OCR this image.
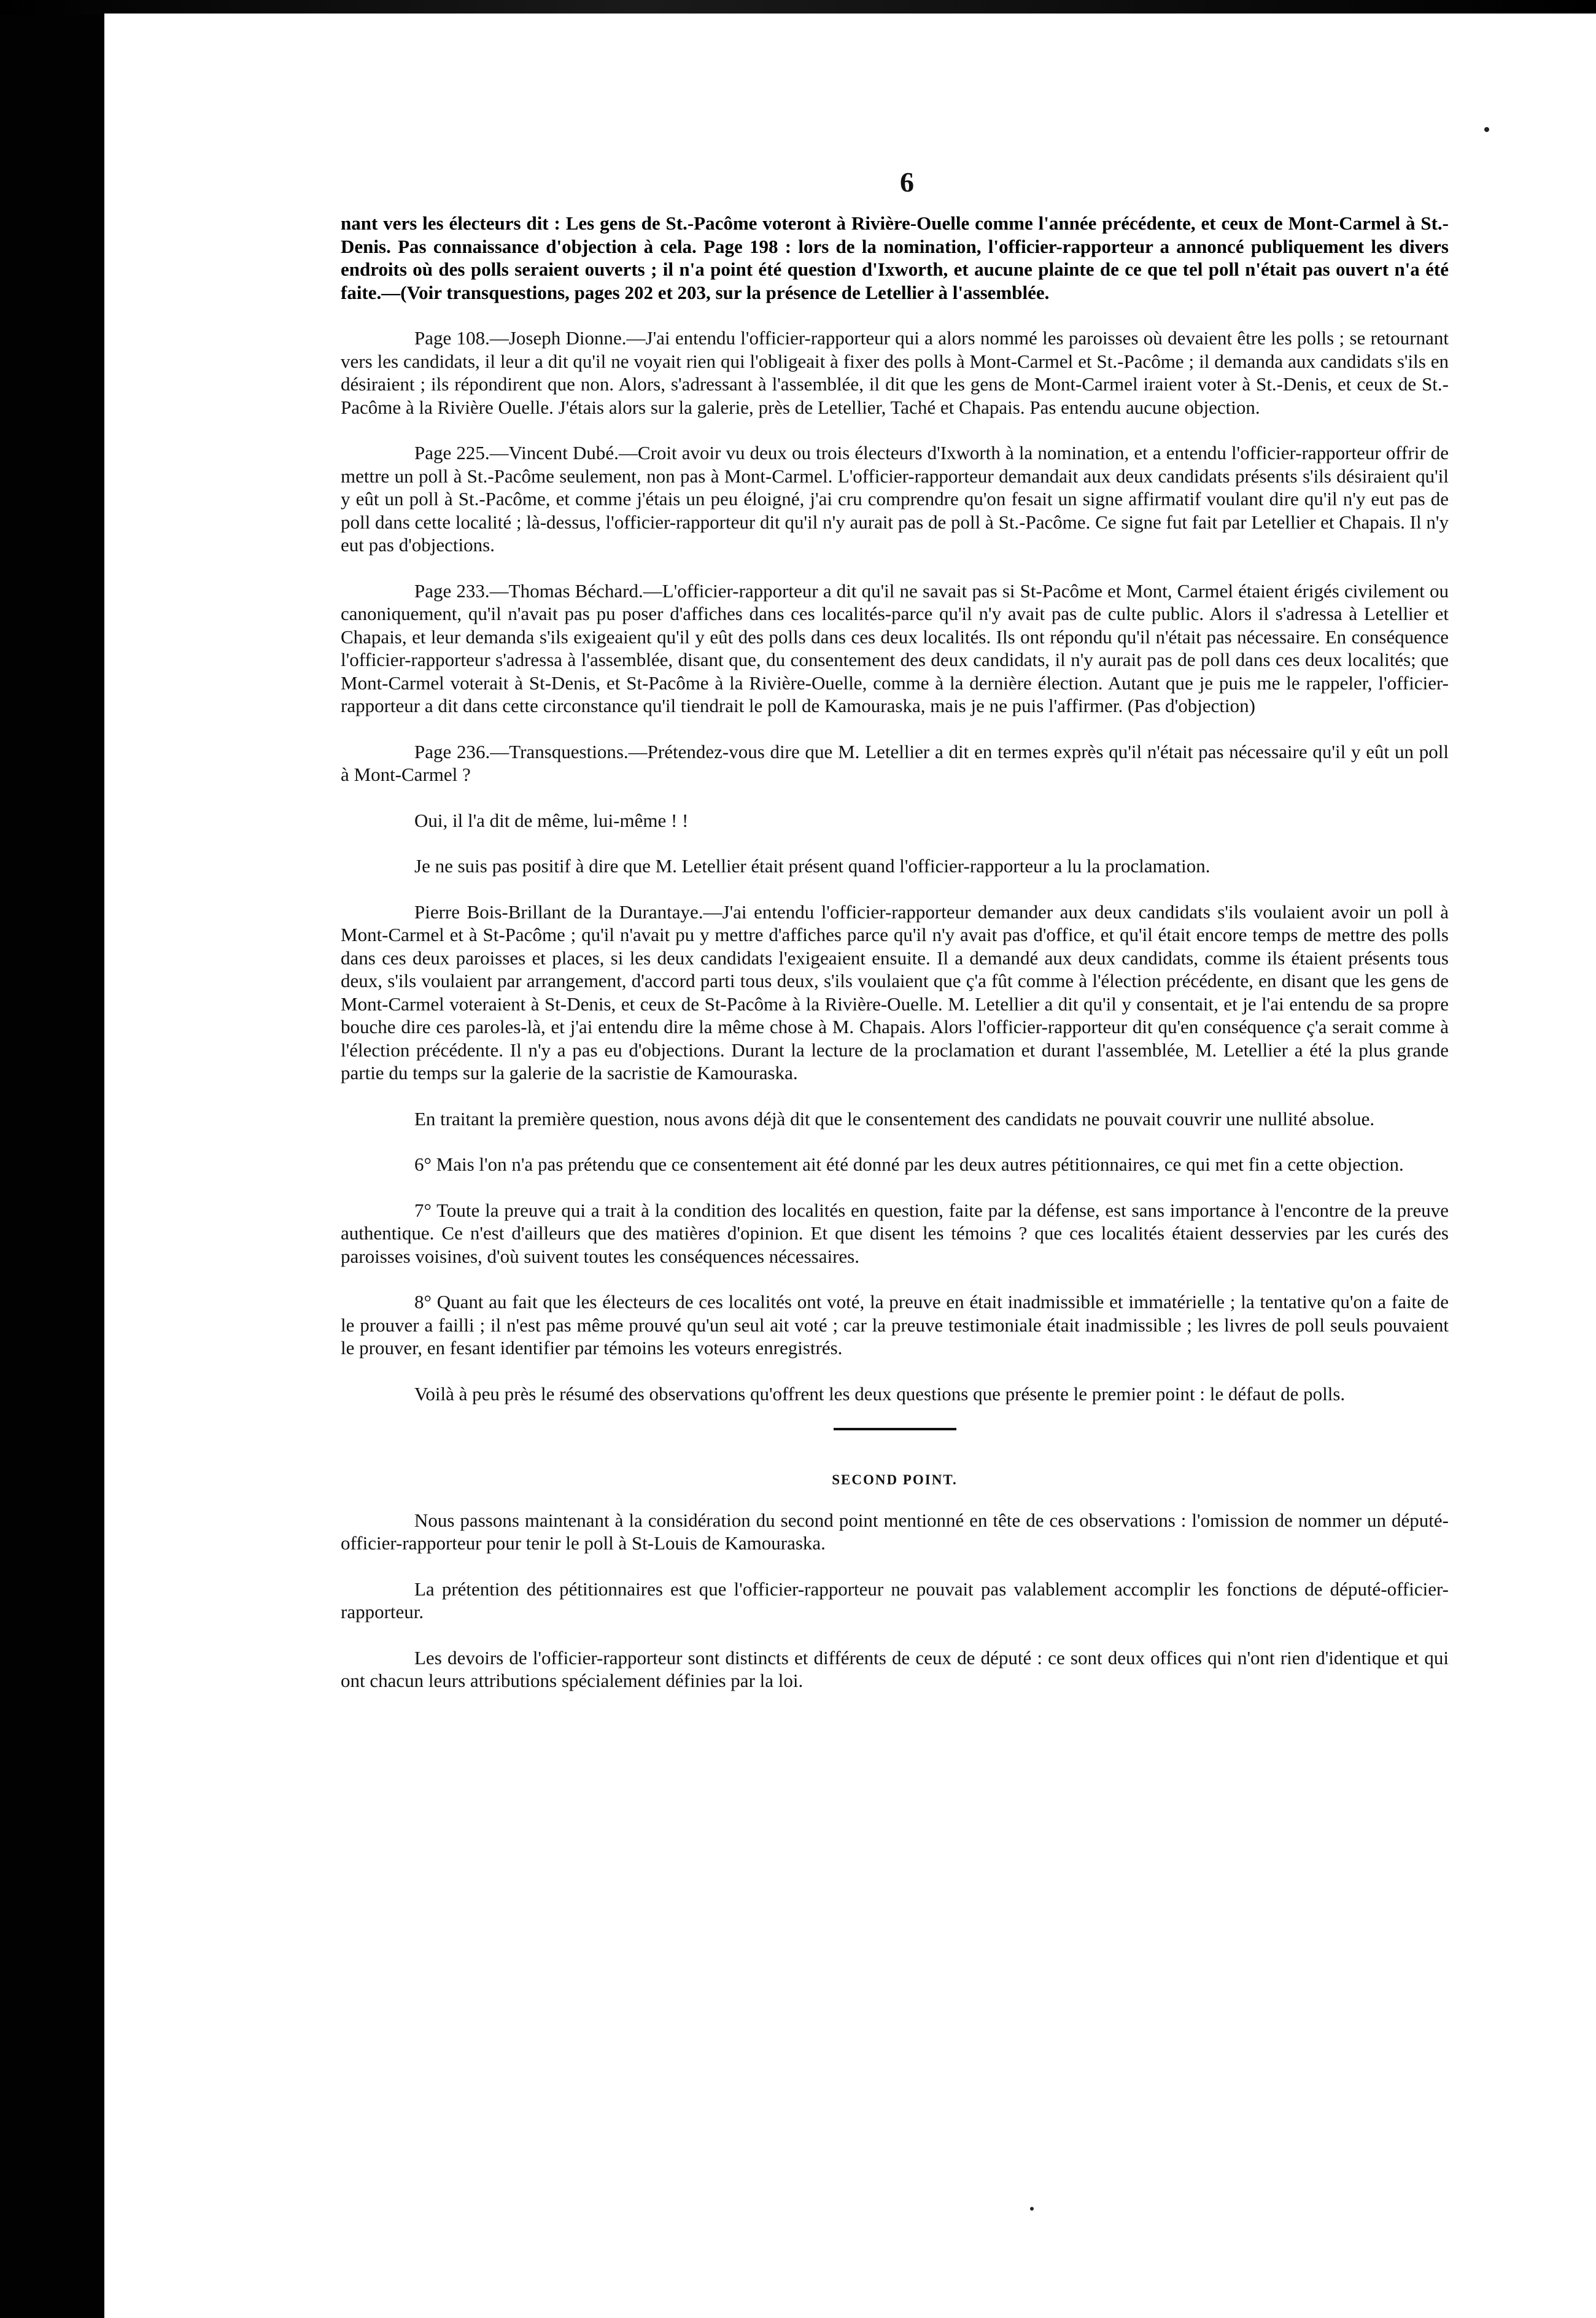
6

nant vers les électeurs dit : Les gens de St.-Pacôme voteront à Rivière-Ouelle comme l'année précédente, et ceux de Mont-Carmel à St.-Denis. Pas connaissance d'objection à cela. Page 198 : lors de la nomination, l'officier-rapporteur a annoncé publiquement les divers endroits où des polls seraient ouverts ; il n'a point été question d'Ixworth, et aucune plainte de ce que tel poll n'était pas ouvert n'a été faite.—(Voir transquestions, pages 202 et 203, sur la présence de Letellier à l'assemblée.

Page 108.—Joseph Dionne.—J'ai entendu l'officier-rapporteur qui a alors nommé les paroisses où devaient être les polls ; se retournant vers les candidats, il leur a dit qu'il ne voyait rien qui l'obligeait à fixer des polls à Mont-Carmel et St.-Pacôme ; il demanda aux candidats s'ils en désiraient ; ils répondirent que non. Alors, s'adressant à l'assemblée, il dit que les gens de Mont-Carmel iraient voter à St.-Denis, et ceux de St.-Pacôme à la Rivière Ouelle. J'étais alors sur la galerie, près de Letellier, Taché et Chapais. Pas entendu aucune objection.

Page 225.—Vincent Dubé.—Croit avoir vu deux ou trois électeurs d'Ixworth à la nomination, et a entendu l'officier-rapporteur offrir de mettre un poll à St.-Pacôme seulement, non pas à Mont-Carmel. L'officier-rapporteur demandait aux deux candidats présents s'ils désiraient qu'il y eût un poll à St.-Pacôme, et comme j'étais un peu éloigné, j'ai cru comprendre qu'on fesait un signe affirmatif voulant dire qu'il n'y eut pas de poll dans cette localité ; là-dessus, l'officier-rapporteur dit qu'il n'y aurait pas de poll à St.-Pacôme. Ce signe fut fait par Letellier et Chapais. Il n'y eut pas d'objections.

Page 233.—Thomas Béchard.—L'officier-rapporteur a dit qu'il ne savait pas si St-Pacôme et Mont, Carmel étaient érigés civilement ou canoniquement, qu'il n'avait pas pu poser d'affiches dans ces localités-parce qu'il n'y avait pas de culte public. Alors il s'adressa à Letellier et Chapais, et leur demanda s'ils exigeaient qu'il y eût des polls dans ces deux localités. Ils ont répondu qu'il n'était pas nécessaire. En conséquence l'officier-rapporteur s'adressa à l'assemblée, disant que, du consentement des deux candidats, il n'y aurait pas de poll dans ces deux localités; que Mont-Carmel voterait à St-Denis, et St-Pacôme à la Rivière-Ouelle, comme à la dernière élection. Autant que je puis me le rappeler, l'officier-rapporteur a dit dans cette circonstance qu'il tiendrait le poll de Kamouraska, mais je ne puis l'affirmer. (Pas d'objection)

Page 236.—Transquestions.—Prétendez-vous dire que M. Letellier a dit en termes exprès qu'il n'était pas nécessaire qu'il y eût un poll à Mont-Carmel ?

Oui, il l'a dit de même, lui-même ! !

Je ne suis pas positif à dire que M. Letellier était présent quand l'officier-rapporteur a lu la proclamation.

Pierre Bois-Brillant de la Durantaye.—J'ai entendu l'officier-rapporteur demander aux deux candidats s'ils voulaient avoir un poll à Mont-Carmel et à St-Pacôme ; qu'il n'avait pu y mettre d'affiches parce qu'il n'y avait pas d'office, et qu'il était encore temps de mettre des polls dans ces deux paroisses et places, si les deux candidats l'exigeaient ensuite. Il a demandé aux deux candidats, comme ils étaient présents tous deux, s'ils voulaient par arrangement, d'accord parti tous deux, s'ils voulaient que ç'a fût comme à l'élection précédente, en disant que les gens de Mont-Carmel voteraient à St-Denis, et ceux de St-Pacôme à la Rivière-Ouelle. M. Letellier a dit qu'il y consentait, et je l'ai entendu de sa propre bouche dire ces paroles-là, et j'ai entendu dire la même chose à M. Chapais. Alors l'officier-rapporteur dit qu'en conséquence ç'a serait comme à l'élection précédente. Il n'y a pas eu d'objections. Durant la lecture de la proclamation et durant l'assemblée, M. Letellier a été la plus grande partie du temps sur la galerie de la sacristie de Kamouraska.

En traitant la première question, nous avons déjà dit que le consentement des candidats ne pouvait couvrir une nullité absolue.

6° Mais l'on n'a pas prétendu que ce consentement ait été donné par les deux autres pétitionnaires, ce qui met fin a cette objection.

7° Toute la preuve qui a trait à la condition des localités en question, faite par la défense, est sans importance à l'encontre de la preuve authentique. Ce n'est d'ailleurs que des matières d'opinion. Et que disent les témoins ? que ces localités étaient desservies par les curés des paroisses voisines, d'où suivent toutes les conséquences nécessaires.

8° Quant au fait que les électeurs de ces localités ont voté, la preuve en était inadmissible et immatérielle ; la tentative qu'on a faite de le prouver a failli ; il n'est pas même prouvé qu'un seul ait voté ; car la preuve testimoniale était inadmissible ; les livres de poll seuls pouvaient le prouver, en fesant identifier par témoins les voteurs enregistrés.

Voilà à peu près le résumé des observations qu'offrent les deux questions que présente le premier point : le défaut de polls.

SECOND POINT.

Nous passons maintenant à la considération du second point mentionné en tête de ces observations : l'omission de nommer un député-officier-rapporteur pour tenir le poll à St-Louis de Kamouraska.

La prétention des pétitionnaires est que l'officier-rapporteur ne pouvait pas valablement accomplir les fonctions de député-officier-rapporteur.

Les devoirs de l'officier-rapporteur sont distincts et différents de ceux de député : ce sont deux offices qui n'ont rien d'identique et qui ont chacun leurs attributions spécialement définies par la loi.
